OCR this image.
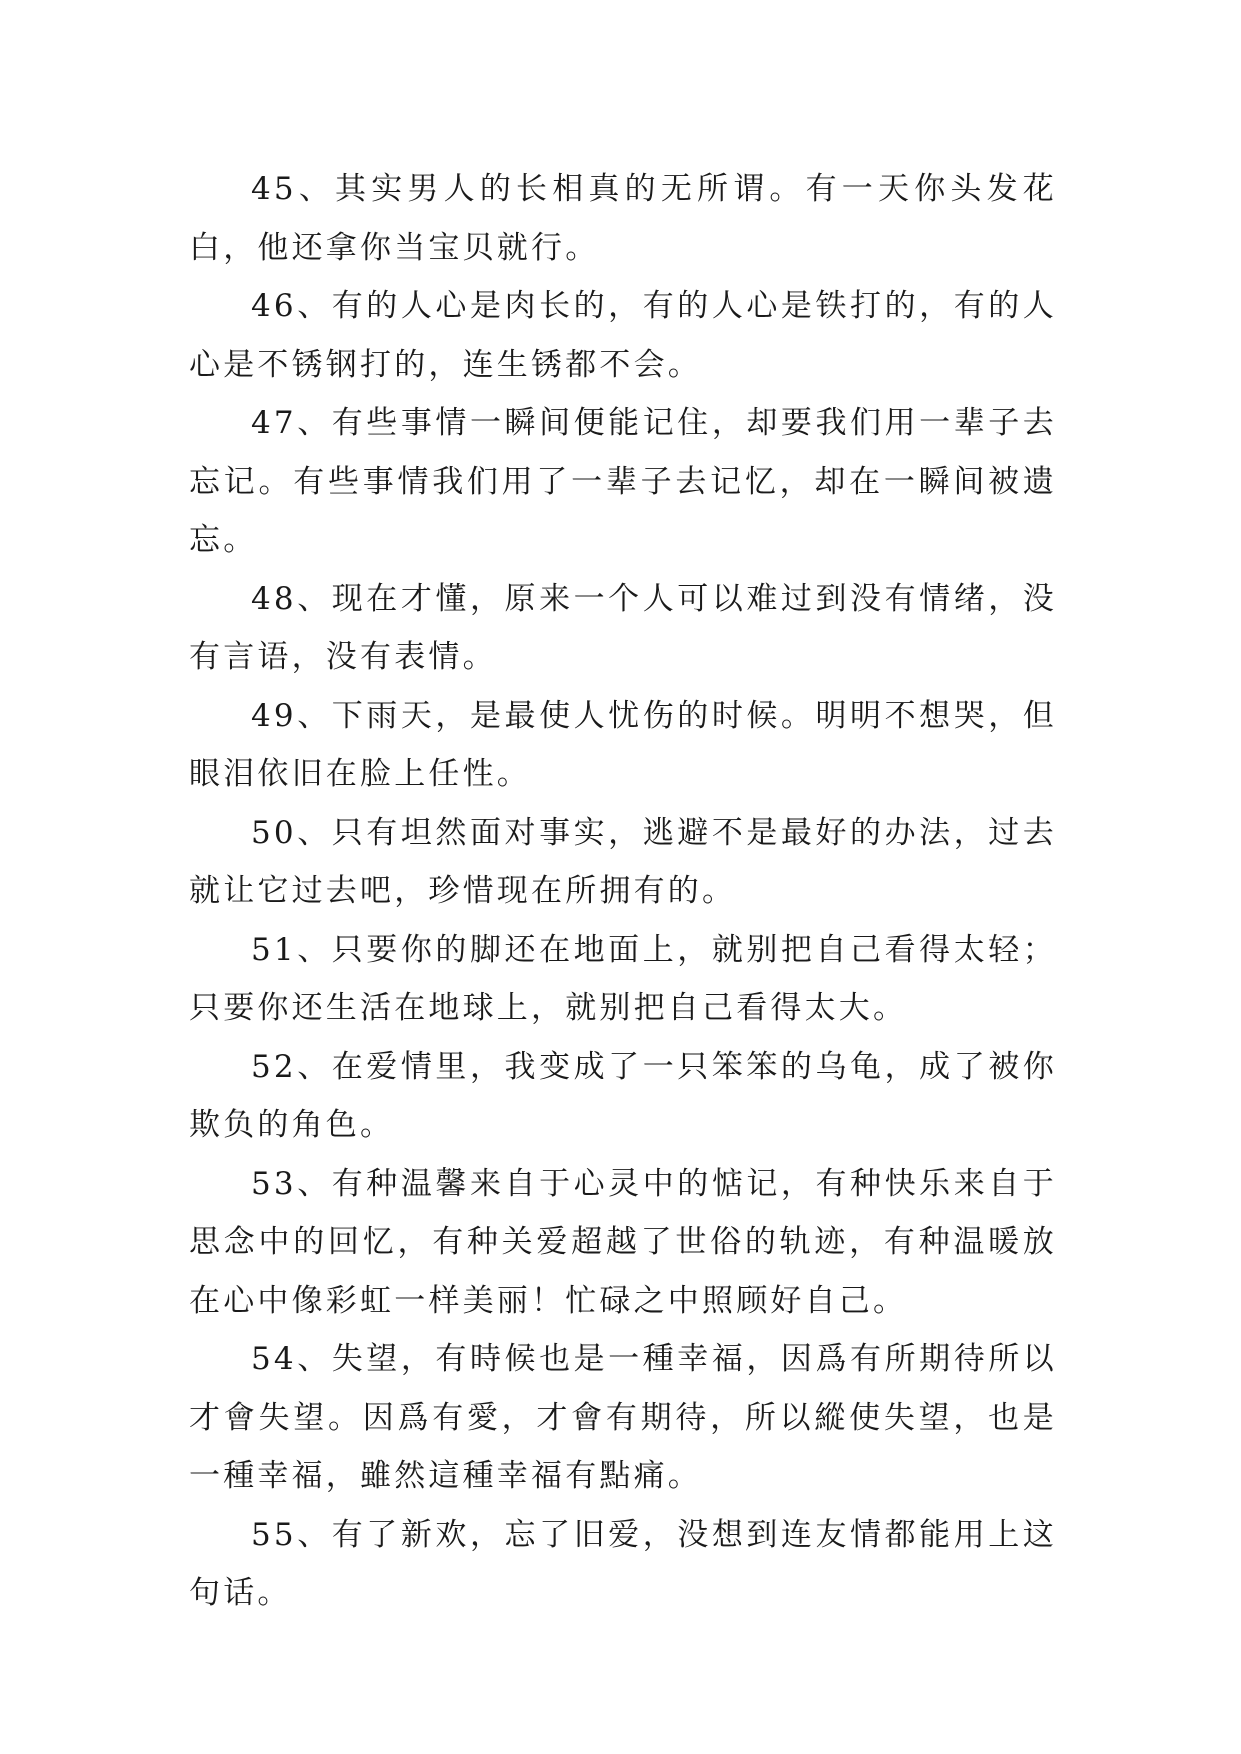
45、其实男人的长相真的无所谓。有一天你头发花白，他还拿你当宝贝就行。

46、有的人心是肉长的，有的人心是铁打的，有的人心是不锈钢打的，连生锈都不会。

47、有些事情一瞬间便能记住，却要我们用一辈子去忘记。有些事情我们用了一辈子去记忆，却在一瞬间被遗忘。

48、现在才懂，原来一个人可以难过到没有情绪，没有言语，没有表情。

49、下雨天，是最使人忧伤的时候。明明不想哭，但眼泪依旧在脸上任性。

50、只有坦然面对事实，逃避不是最好的办法，过去就让它过去吧，珍惜现在所拥有的。

51、只要你的脚还在地面上，就别把自己看得太轻；只要你还生活在地球上，就别把自己看得太大。

52、在爱情里，我变成了一只笨笨的乌龟，成了被你欺负的角色。

53、有种温馨来自于心灵中的惦记，有种快乐来自于思念中的回忆，有种关爱超越了世俗的轨迹，有种温暖放在心中像彩虹一样美丽！忙碌之中照顾好自己。

54、失望，有時候也是一種幸福，因爲有所期待所以才會失望。因爲有愛，才會有期待，所以縱使失望，也是一種幸福，雖然這種幸福有點痛。

55、有了新欢，忘了旧爱，没想到连友情都能用上这句话。
